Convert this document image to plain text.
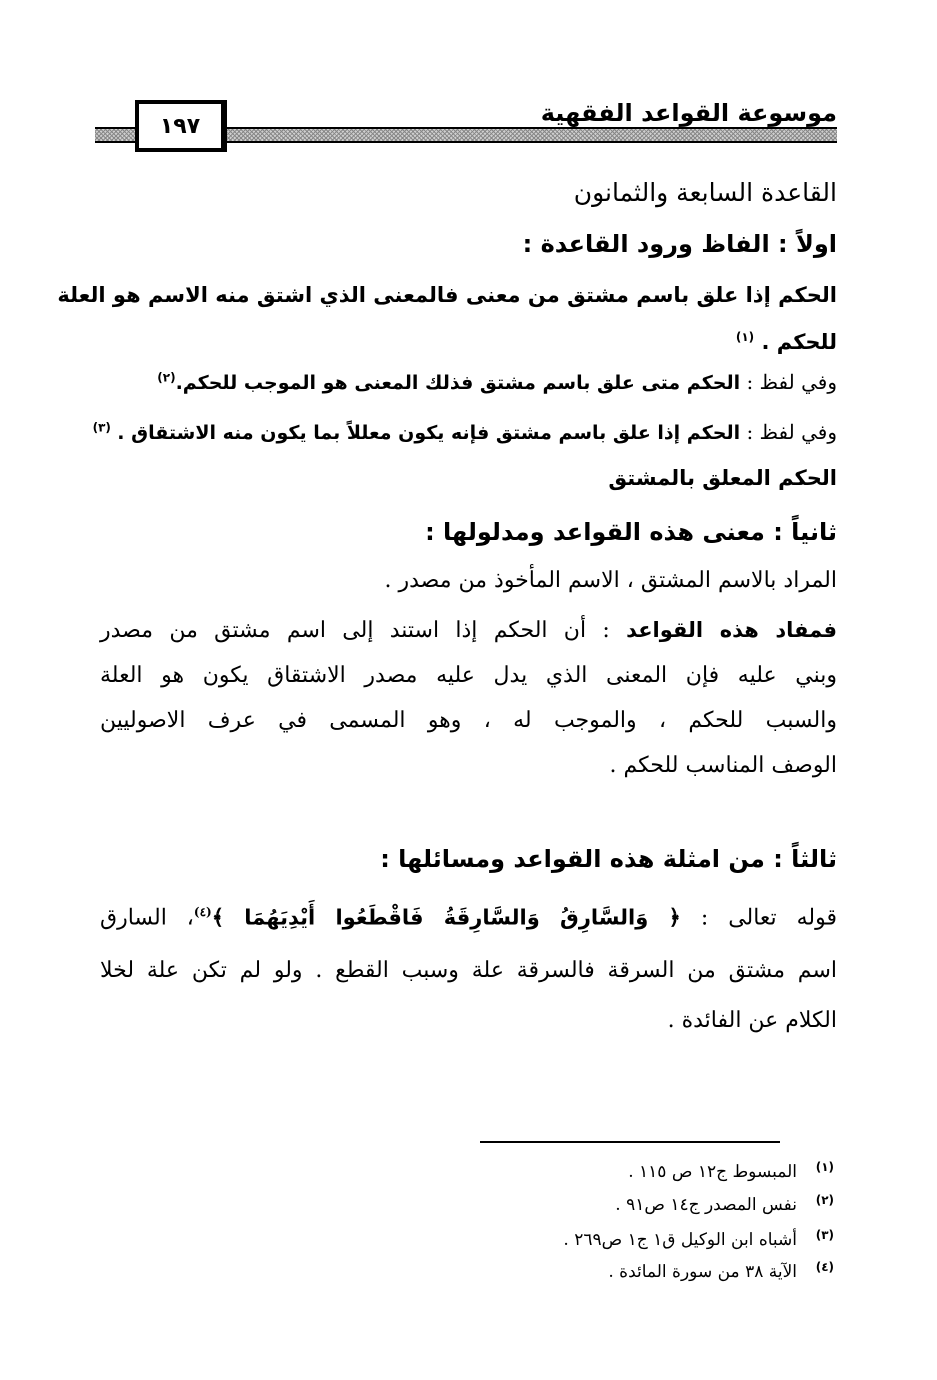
موسوعة القواعد الفقهية
١٩٧
القاعدة السابعة والثمانون
اولاً : الفاظ ورود القاعدة :
الحكم إذا علق باسم مشتق من معنى فالمعنى الذي اشتق منه الاسم هو العلة
للحكم . $^{(١)}$
وفي لفظ : الحكم متى علق باسم مشتق فذلك المعنى هو الموجب للحكم.$^{(٢)}$
وفي لفظ : الحكم إذا علق باسم مشتق فإنه يكون معللاً بما يكون منه الاشتقاق . $^{(٣)}$
الحكم المعلق بالمشتق
ثانياً : معنى هذه القواعد ومدلولها :
المراد بالاسم المشتق ، الاسم المأخوذ من مصدر .
فمفاد هذه القواعد : أن الحكم إذا استند إلى اسم مشتق من مصدر
وبني عليه فإن المعنى الذي يدل عليه مصدر الاشتقاق يكون هو العلة
والسبب للحكم ، والموجب له ، وهو المسمى في عرف الاصوليين
الوصف المناسب للحكم .
ثالثاً : من امثلة هذه القواعد ومسائلها :
قوله تعالى : ﴿ وَالسَّارِقُ وَالسَّارِقَةُ فَاقْطَعُوا أَيْدِيَهُمَا ﴾$^{(٤)}$، السارق
اسم مشتق من السرقة فالسرقة علة وسبب القطع . ولو لم تكن علة لخلا
الكلام عن الفائدة .
(١)
المبسوط ج١٢ ص ١١٥ .
(٢)
نفس المصدر ج١٤ ص٩١ .
(٣)
أشباه ابن الوكيل ق١ ج١ ص٢٦٩ .
(٤)
الآية ٣٨ من سورة المائدة .
